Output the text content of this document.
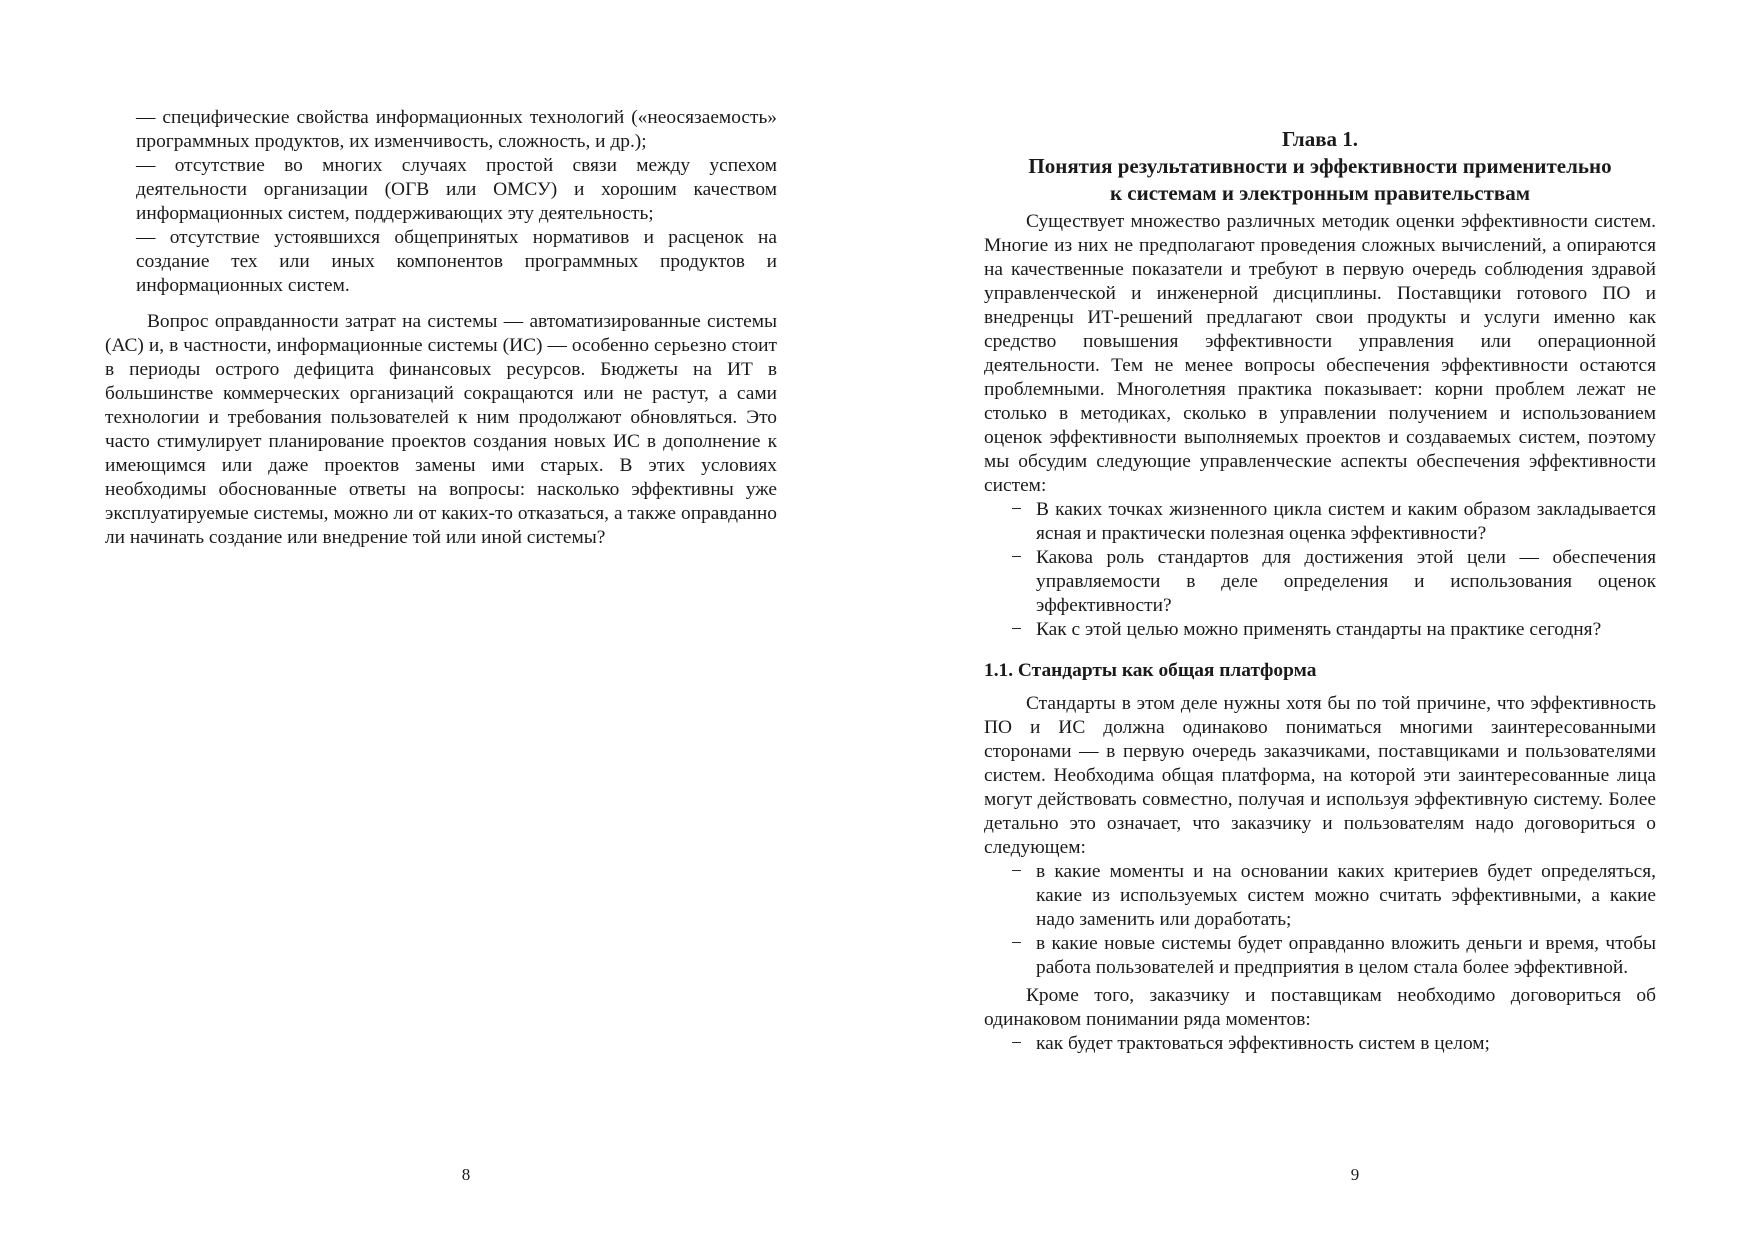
— специфические свойства информационных технологий («неосязаемость» программных продуктов, их изменчивость, сложность, и др.);
— отсутствие во многих случаях простой связи между успехом деятельности организации (ОГВ или ОМСУ) и хорошим качеством информационных систем, поддерживающих эту деятельность;
— отсутствие устоявшихся общепринятых нормативов и расценок на создание тех или иных компонентов программных продуктов и информационных систем.

Вопрос оправданности затрат на системы — автоматизированные системы (АС) и, в частности, информационные системы (ИС) — особенно серьезно стоит в периоды острого дефицита финансовых ресурсов. Бюджеты на ИТ в большинстве коммерческих организаций сокращаются или не растут, а сами технологии и требования пользователей к ним продолжают обновляться. Это часто стимулирует планирование проектов создания новых ИС в дополнение к имеющимся или даже проектов замены ими старых. В этих условиях необходимы обоснованные ответы на вопросы: насколько эффективны уже эксплуатируемые системы, можно ли от каких-то отказаться, а также оправданно ли начинать создание или внедрение той или иной системы?

8
Глава 1.
Понятия результативности и эффективности применительно
к системам и электронным правительствам

Существует множество различных методик оценки эффективности систем. Многие из них не предполагают проведения сложных вычислений, а опираются на качественные показатели и требуют в первую очередь соблюдения здравой управленческой и инженерной дисциплины. Поставщики готового ПО и внедренцы ИТ-решений предлагают свои продукты и услуги именно как средство повышения эффективности управления или операционной деятельности. Тем не менее вопросы обеспечения эффективности остаются проблемными. Многолетняя практика показывает: корни проблем лежат не столько в методиках, сколько в управлении получением и использованием оценок эффективности выполняемых проектов и создаваемых систем, поэтому мы обсудим следующие управленческие аспекты обеспечения эффективности систем:

− В каких точках жизненного цикла систем и каким образом закладывается ясная и практически полезная оценка эффективности?
− Какова роль стандартов для достижения этой цели — обеспечения управляемости в деле определения и использования оценок эффективности?
− Как с этой целью можно применять стандарты на практике сегодня?
1.1. Стандарты как общая платформа

Стандарты в этом деле нужны хотя бы по той причине, что эффективность ПО и ИС должна одинаково пониматься многими заинтересованными сторонами — в первую очередь заказчиками, поставщиками и пользователями систем. Необходима общая платформа, на которой эти заинтересованные лица могут действовать совместно, получая и используя эффективную систему. Более детально это означает, что заказчику и пользователям надо договориться о следующем:

− в какие моменты и на основании каких критериев будет определяться, какие из используемых систем можно считать эффективными, а какие надо заменить или доработать;
− в какие новые системы будет оправданно вложить деньги и время, чтобы работа пользователей и предприятия в целом стала более эффективной.

Кроме того, заказчику и поставщикам необходимо договориться об одинаковом понимании ряда моментов:

− как будет трактоваться эффективность систем в целом;
9
